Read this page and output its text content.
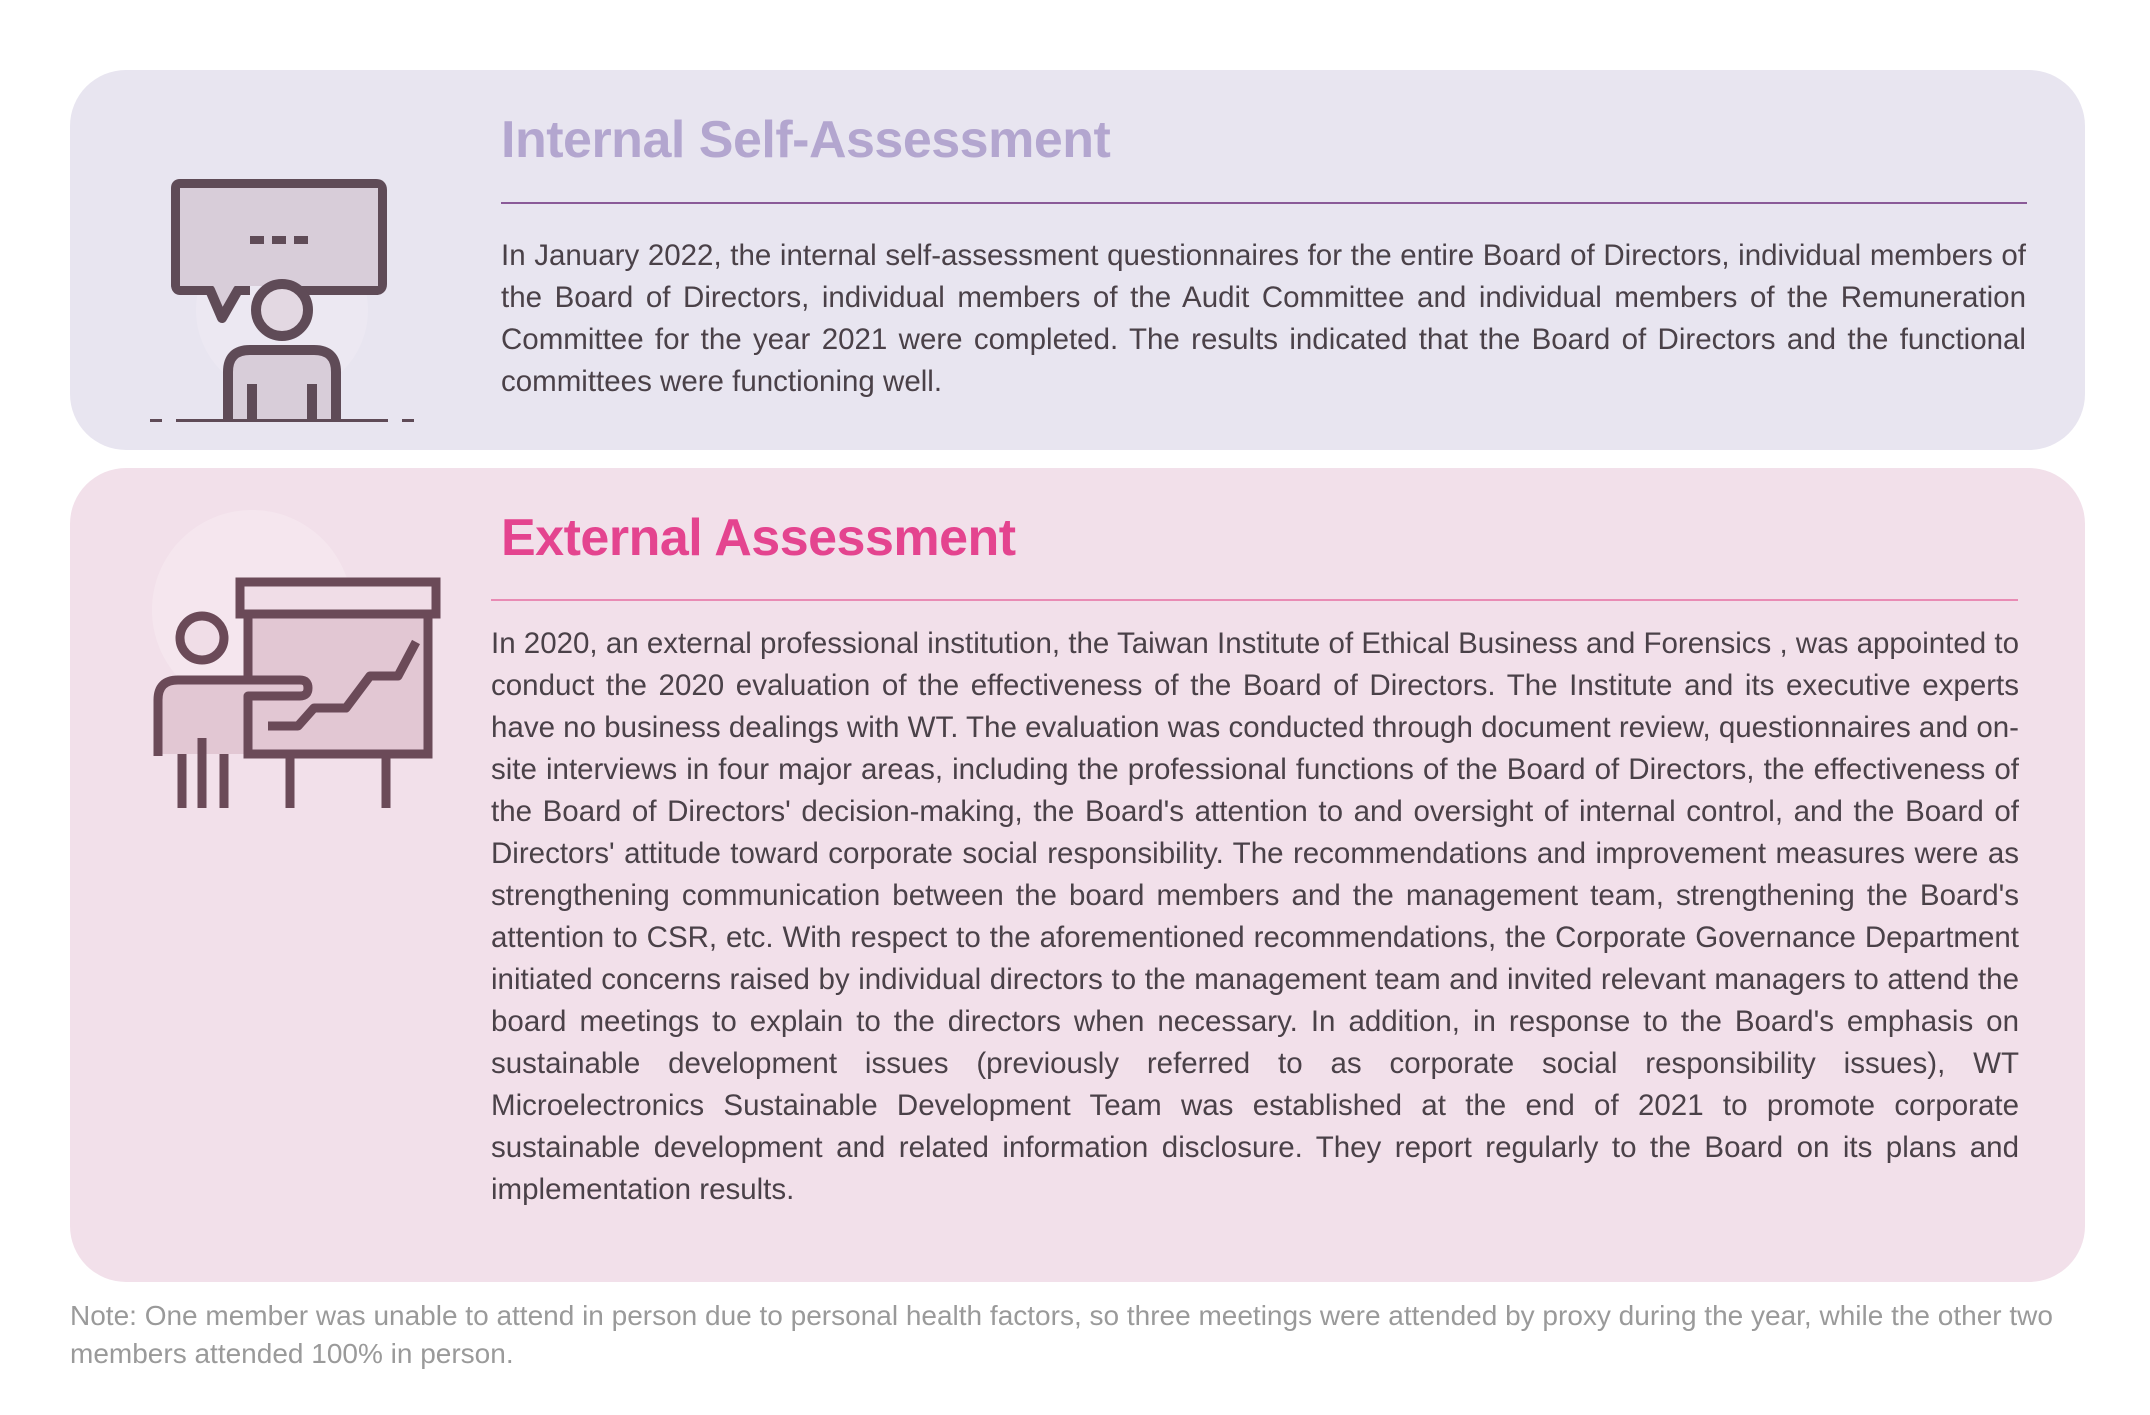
Internal Self-Assessment

In January 2022, the internal self-assessment questionnaires for the entire Board of Directors, individual members of the Board of Directors, individual members of the Audit Committee and individual members of the Remuneration Committee for the year 2021 were completed. The results indicated that the Board of Directors and the functional committees were functioning well.

External Assessment

In 2020, an external professional institution, the Taiwan Institute of Ethical Business and Forensics , was appointed to conduct the 2020 evaluation of the effectiveness of the Board of Directors. The Institute and its executive experts have no business dealings with WT. The evaluation was conducted through document review, questionnaires and on-site interviews in four major areas, including the professional functions of the Board of Directors, the effectiveness of the Board of Directors' decision-making, the Board's attention to and oversight of internal control, and the Board of Directors' attitude toward corporate social responsibility. The recommendations and improvement measures were as strengthening communication between the board members and the management team, strengthening the Board's attention to CSR, etc. With respect to the aforementioned recommendations, the Corporate Governance Department initiated concerns raised by individual directors to the management team and invited relevant managers to attend the board meetings to explain to the directors when necessary. In addition, in response to the Board's emphasis on sustainable development issues (previously referred to as corporate social responsibility issues), WT Microelectronics Sustainable Development Team was established at the end of 2021 to promote corporate sustainable development and related information disclosure. They report regularly to the Board on its plans and implementation results.

Note: One member was unable to attend in person due to personal health factors, so three meetings were attended by proxy during the year, while the other two members attended 100% in person.
